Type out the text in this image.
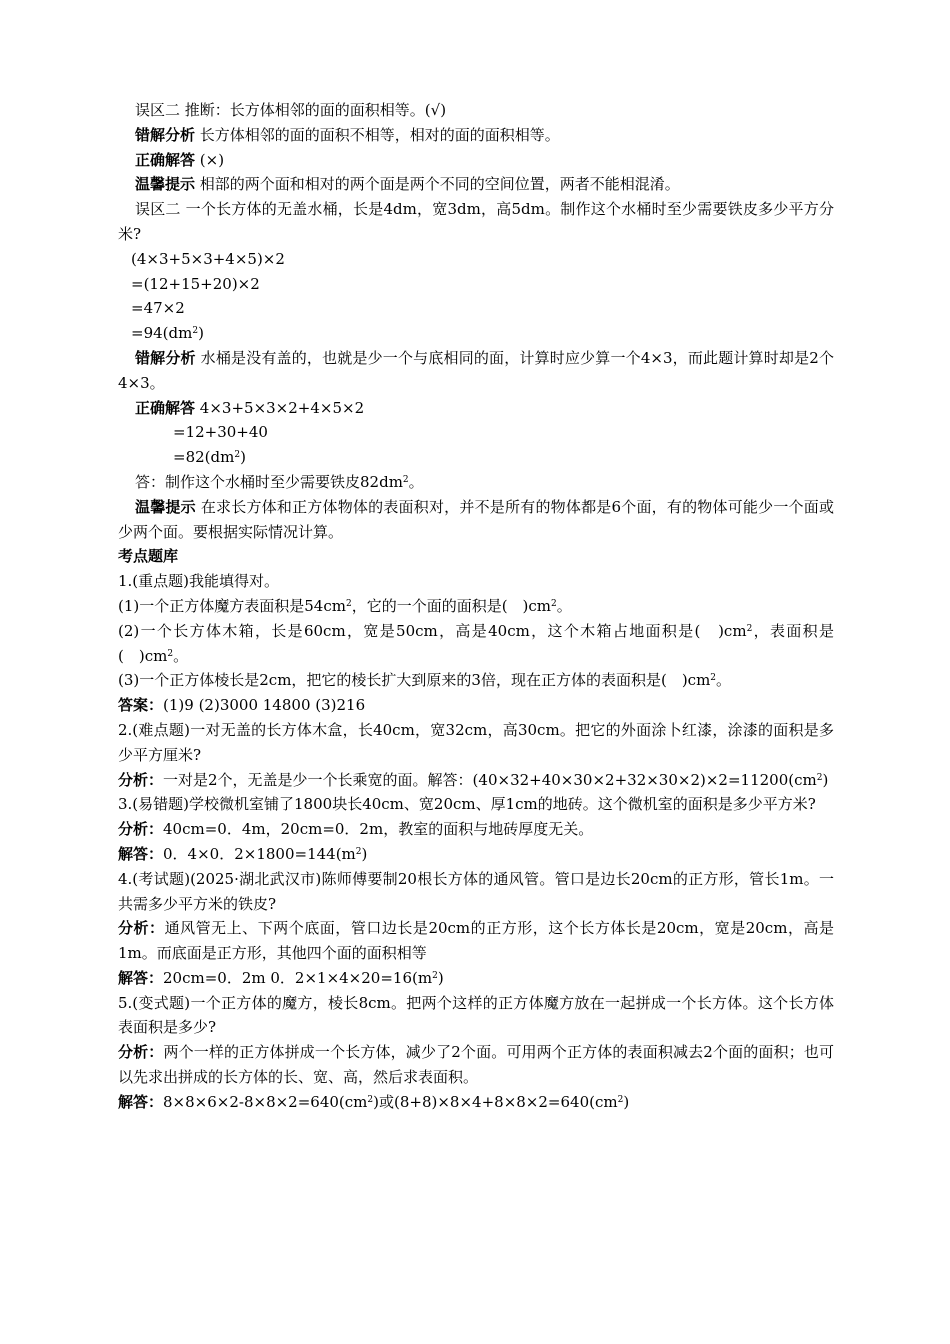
误区二 推断：长方体相邻的面的面积相等。(√)
错解分析 长方体相邻的面的面积不相等，相对的面的面积相等。
正确解答 (×)
温馨提示 相部的两个面和相对的两个面是两个不同的空间位置，两者不能相混淆。
误区二 一个长方体的无盖水桶，长是4dm，宽3dm，高5dm。制作这个水桶时至少需要铁皮多少平方分米?
(4×3+5×3+4×5)×2
=(12+15+20)×2
=47×2
$=94(dm^2)$
错解分析 水桶是没有盖的，也就是少一个与底相同的面，计算时应少算一个4×3，而此题计算时却是2个4×3。
正确解答 4×3+5×3×2+4×5×2
=12+30+40
$=82(dm^2)$
答：制作这个水桶时至少需要铁皮$82dm^2$。
温馨提示 在求长方体和正方体物体的表面积对，并不是所有的物体都是6个面，有的物体可能少一个面或少两个面。要根据实际情况计算。
考点题库
1.(重点题)我能填得对。
(1)一个正方体魔方表面积是$54cm^2$，它的一个面的面积是(　)$cm^2$。
(2)一个长方体木箱，长是60cm，宽是50cm，高是40cm，这个木箱占地面积是(　)$cm^2$，表面积是(　)$cm^2$。
(3)一个正方体棱长是2cm，把它的棱长扩大到原来的3倍，现在正方体的表面积是(　)$cm^2$。
答案：(1)9 (2)3000 14800 (3)216
2.(难点题)一对无盖的长方体木盒，长40cm，宽32cm，高30cm。把它的外面涂卜红漆，涂漆的面积是多少平方厘米?
分析：一对是2个，无盖是少一个长乘宽的面。解答：$(40\times 32+40\times 30\times 2+32\times 30\times 2)\times 2=11200(cm^2)$
3.(易错题)学校微机室铺了1800块长40cm、宽20cm、厚1cm的地砖。这个微机室的面积是多少平方米?
分析：40cm=0．4m，20cm=0．2m，教室的面积与地砖厚度无关。
解答：0．4×0．$2\times 1800=144(m^2)$
4.(考试题)(2025·湖北武汉市)陈师傅要制20根长方体的通风管。管口是边长20cm的正方形，管长1m。一共需多少平方米的铁皮?
分析：通风管无上、下两个底面，管口边长是20cm的正方形，这个长方体长是20cm，宽是20cm，高是1m。而底面是正方形，其他四个面的面积相等
解答：20cm=0．2m 0．$2\times 1\times 4\times 20=16(m^2)$
5.(变式题)一个正方体的魔方，棱长8cm。把两个这样的正方体魔方放在一起拼成一个长方体。这个长方体表面积是多少?
分析：两个一样的正方体拼成一个长方体，减少了2个面。可用两个正方体的表面积减去2个面的面积；也可以先求出拼成的长方体的长、宽、高，然后求表面积。
解答：$8\times 8\times 6\times 2-8\times 8\times 2=640(cm^2)$或$(8+8)\times 8\times 4+8\times 8\times 2=640(cm^2)$
